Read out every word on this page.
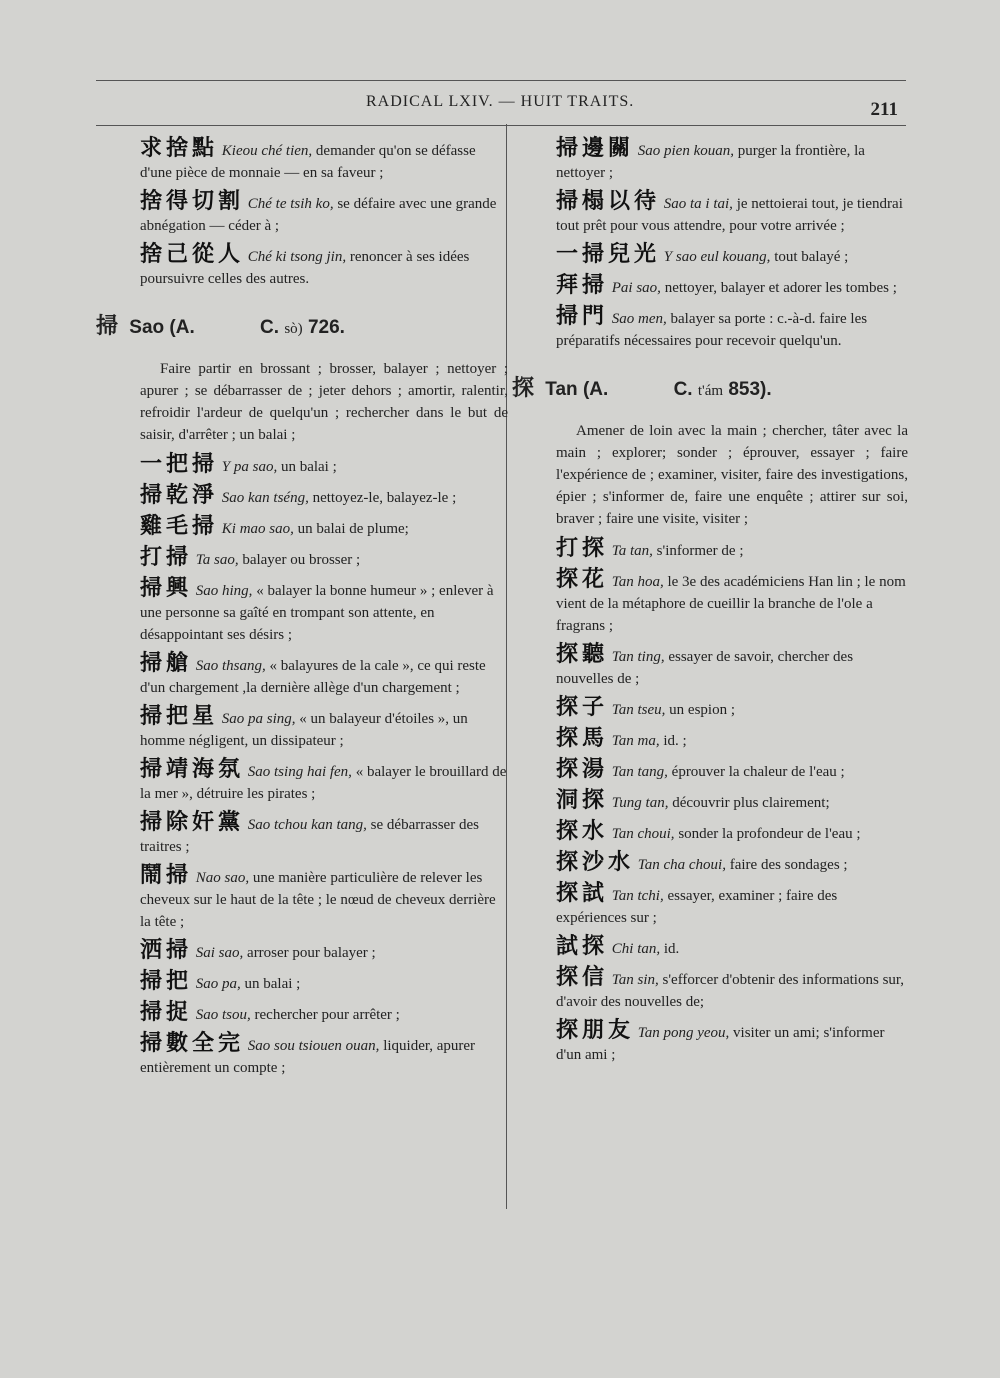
RADICAL LXIV. — HUIT TRAITS.	211
求捨點 Kieou ché tien, demander qu'on se défasse d'une pièce de monnaie — en sa faveur ;
捨得切割 Ché te tsih ko, se défaire avec une grande abnégation — céder à ;
捨己從人 Ché ki tsong jin, renoncer à ses idées poursuivre celles des autres.
掃 Sao (A.	C. sò) 726.
Faire partir en brossant ; brosser, balayer ; nettoyer ; apurer ; se débarrasser de ; jeter dehors ; amortir, ralentir, refroidir l'ardeur de quelqu'un ; rechercher dans le but de saisir, d'arrêter ; un balai ;
一把掃 Y pa sao, un balai ;
掃乾淨 Sao kan tséng, nettoyez-le, balayez-le ;
雞毛掃 Ki mao sao, un balai de plume;
打掃 Ta sao, balayer ou brosser ;
掃興 Sao hing, « balayer la bonne humeur » ; enlever à une personne sa gaîté en trompant son attente, en désappointant ses désirs ;
掃艙 Sao thsang, « balayures de la cale », ce qui reste d'un chargement ,la dernière allège d'un chargement ;
掃把星 Sao pa sing, « un balayeur d'étoiles », un homme négligent, un dissipateur ;
掃靖海氛 Sao tsing hai fen, « balayer le brouillard de la mer », détruire les pirates ;
掃除奸黨 Sao tchou kan tang, se débarrasser des traitres ;
鬧掃 Nao sao, une manière particulière de relever les cheveux sur le haut de la tête ; le nœud de cheveux derrière la tête ;
洒掃 Sai sao, arroser pour balayer ;
掃把 Sao pa, un balai ;
掃捉 Sao tsou, rechercher pour arrêter ;
掃數全完 Sao sou tsiouen ouan, liquider, apurer entièrement un compte ;
掃邊關 Sao pien kouan, purger la frontière, la nettoyer ;
掃榻以待 Sao ta i tai, je nettoierai tout, je tiendrai tout prêt pour vous attendre, pour votre arrivée ;
一掃兒光 Y sao eul kouang, tout balayé ;
拜掃 Pai sao, nettoyer, balayer et adorer les tombes ;
掃門 Sao men, balayer sa porte : c.-à-d. faire les préparatifs nécessaires pour recevoir quelqu'un.
探 Tan (A.	C. t'ám 853).
Amener de loin avec la main ; chercher, tâter avec la main ; explorer; sonder ; éprouver, essayer ; faire l'expérience de ; examiner, visiter, faire des investigations, épier ; s'informer de, faire une enquête ; attirer sur soi, braver ; faire une visite, visiter ;
打探 Ta tan, s'informer de ;
探花 Tan hoa, le 3e des académiciens Han lin ; le nom vient de la métaphore de cueillir la branche de l'ole a fragrans ;
探聽 Tan ting, essayer de savoir, chercher des nouvelles de ;
探子 Tan tseu, un espion ;
探馬 Tan ma, id. ;
探湯 Tan tang, éprouver la chaleur de l'eau ;
洞探 Tung tan, découvrir plus clairement;
探水 Tan choui, sonder la profondeur de l'eau ;
探沙水 Tan cha choui, faire des sondages ;
探試 Tan tchi, essayer, examiner ; faire des expériences sur ;
試探 Chi tan, id.
探信 Tan sin, s'efforcer d'obtenir des informations sur, d'avoir des nouvelles de;
探朋友 Tan pong yeou, visiter un ami; s'informer d'un ami ;
